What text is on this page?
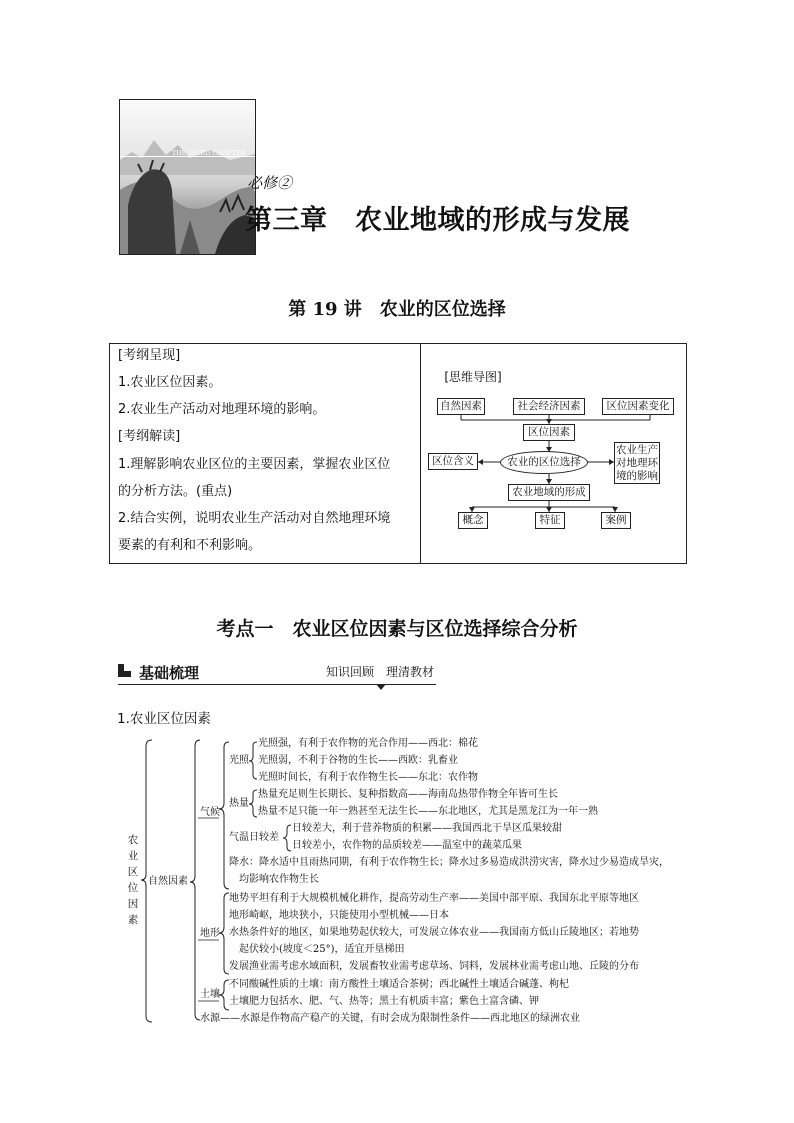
THE THIRD CHAPTER
必修②
第三章　农业地域的形成与发展
第 19 讲　农业的区位选择
[考纲呈现]
1.农业区位因素。
2.农业生产活动对地理环境的影响。
[考纲解读]
1.理解影响农业区位的主要因素，掌握农业区位
的分析方法。(重点)
2.结合实例，说明农业生产活动对自然地理环境
要素的有利和不利影响。
[思维导图]
自然因素	社会经济因素	区位因素变化
区位因素
区位含义	农业的区位选择
农业生产
对地理环
境的影响
农业地域的形成
概念	特征	案例
考点一　农业区位因素与区位选择综合分析
基础梳理	知识回顾　理清教材
1.农业区位因素
农
业
区
位
因
素
自然因素
气候
光照
光照强，有利于农作物的光合作用——西北：棉花
光照弱，不利于谷物的生长——西欧：乳畜业
光照时间长，有利于农作物生长——东北：农作物
热量
热量充足则生长期长、复种指数高——海南岛热带作物全年皆可生长
热量不足只能一年一熟甚至无法生长——东北地区，尤其是黑龙江为一年一熟
气温日较差
日较差大，利于营养物质的积累——我国西北干旱区瓜果较甜
日较差小，农作物的品质较差——温室中的蔬菜瓜果
降水：降水适中且雨热同期，有利于农作物生长；降水过多易造成洪涝灾害，降水过少易造成旱灾，
均影响农作物生长
地形
地势平坦有利于大规模机械化耕作，提高劳动生产率——美国中部平原、我国东北平原等地区
地形崎岖，地块狭小，只能使用小型机械——日本
水热条件好的地区，如果地势起伏较大，可发展立体农业——我国南方低山丘陵地区；若地势
起伏较小(坡度＜25°)，适宜开垦梯田
发展渔业需考虑水域面积，发展畜牧业需考虑草场、饲料，发展林业需考虑山地、丘陵的分布
土壤
不同酸碱性质的土壤：南方酸性土壤适合茶树；西北碱性土壤适合碱蓬、枸杞
土壤肥力包括水、肥、气、热等；黑土有机质丰富；紫色土富含磷、钾
水源——水源是作物高产稳产的关键，有时会成为限制性条件——西北地区的绿洲农业
